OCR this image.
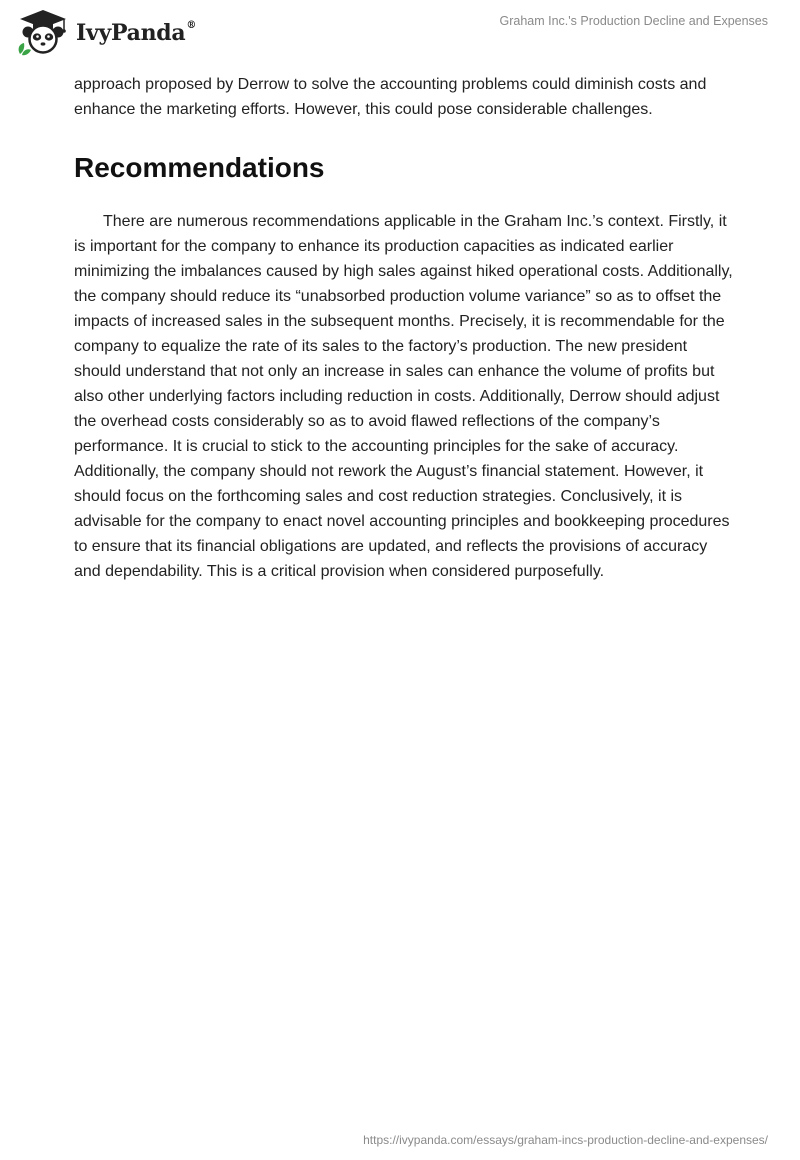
IvyPanda®	Graham Inc.'s Production Decline and Expenses

approach proposed by Derrow to solve the accounting problems could diminish costs and enhance the marketing efforts. However, this could pose considerable challenges.

Recommendations

There are numerous recommendations applicable in the Graham Inc.’s context. Firstly, it is important for the company to enhance its production capacities as indicated earlier minimizing the imbalances caused by high sales against hiked operational costs. Additionally, the company should reduce its “unabsorbed production volume variance” so as to offset the impacts of increased sales in the subsequent months. Precisely, it is recommendable for the company to equalize the rate of its sales to the factory’s production. The new president should understand that not only an increase in sales can enhance the volume of profits but also other underlying factors including reduction in costs. Additionally, Derrow should adjust the overhead costs considerably so as to avoid flawed reflections of the company’s performance. It is crucial to stick to the accounting principles for the sake of accuracy. Additionally, the company should not rework the August’s financial statement. However, it should focus on the forthcoming sales and cost reduction strategies. Conclusively, it is advisable for the company to enact novel accounting principles and bookkeeping procedures to ensure that its financial obligations are updated, and reflects the provisions of accuracy and dependability. This is a critical provision when considered purposefully.

https://ivypanda.com/essays/graham-incs-production-decline-and-expenses/
